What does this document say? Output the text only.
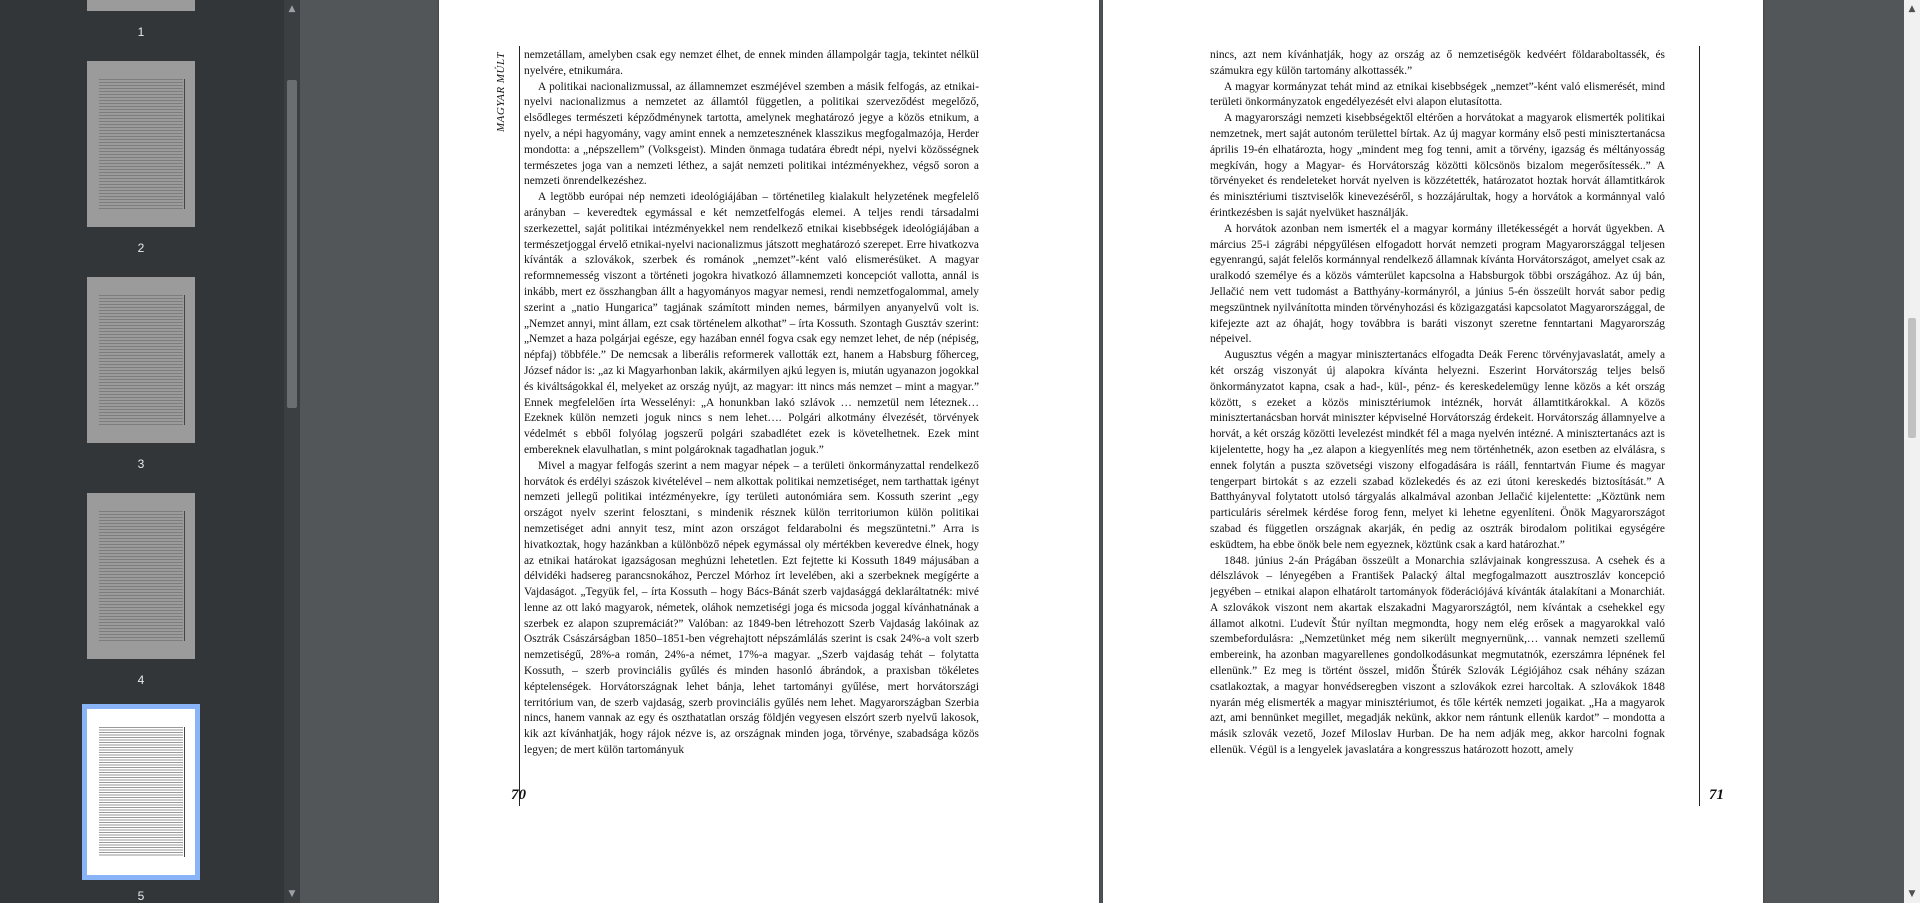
1
2
3
4
5
▲
▼
MAGYAR MÚLT nemzetállam, amelyben csak egy nemzet élhet, de ennek minden állampolgár tagja, tekintet nélkül nyelvére, etnikumára.

A politikai nacionalizmussal, az államnemzet eszméjével szemben a másik felfogás, az etnikai-nyelvi nacionalizmus a nemzetet az államtól független, a politikai szerveződést megelőző, elsődleges természeti képződménynek tartotta, amelynek meghatározó jegye a közös etnikum, a nyelv, a népi hagyomány, vagy amint ennek a nemzetesznének klasszikus megfogalmazója, Herder mondotta: a „népszellem” (Volksgeist). Minden önmaga tudatára ébredt népi, nyelvi közösségnek természetes joga van a nemzeti léthez, a saját nemzeti politikai intézményekhez, végső soron a nemzeti önrendelkezéshez.

A legtöbb európai nép nemzeti ideológiájában – történetileg kialakult helyzetének megfelelő arányban – keveredtek egymással e két nemzetfelfogás elemei. A teljes rendi társadalmi szerkezettel, saját politikai intézményekkel nem rendelkező etnikai kisebbségek ideológiájában a természetjoggal érvelő etnikai-nyelvi nacionalizmus játszott meghatározó szerepet. Erre hivatkozva kívánták a szlovákok, szerbek és románok „nemzet”-ként való elismerésüket. A magyar reformnemesség viszont a történeti jogokra hivatkozó államnemzeti koncepciót vallotta, annál is inkább, mert ez összhangban állt a hagyományos magyar nemesi, rendi nemzetfogalommal, amely szerint a „natio Hungarica” tagjának számított minden nemes, bármilyen anyanyelvű volt is. „Nemzet annyi, mint állam, ezt csak történelem alkothat” – írta Kossuth. Szontagh Gusztáv szerint: „Nemzet a haza polgárjai egésze, egy hazában ennél fogva csak egy nemzet lehet, de nép (népiség, népfaj) többféle.” De nemcsak a liberális reformerek vallották ezt, hanem a Habsburg főherceg, József nádor is: „az ki Magyarhonban lakik, akármilyen ajkú legyen is, miután ugyanazon jogokkal és kiváltságokkal él, melyeket az ország nyújt, az magyar: itt nincs más nemzet – mint a magyar.” Ennek megfelelően írta Wesselényi: „A honunkban lakó szlávok … nemzetül nem léteznek… Ezeknek külön nemzeti joguk nincs s nem lehet…. Polgári alkotmány élvezését, törvények védelmét s ebből folyólag jogszerű polgári szabadlétet ezek is követelhetnek. Ezek mint embereknek elavulhatlan, s mint polgároknak tagadhatlan joguk.”

Mivel a magyar felfogás szerint a nem magyar népek – a területi önkormányzattal rendelkező horvátok és erdélyi szászok kivételével – nem alkottak politikai nemzetiséget, nem tarthattak igényt nemzeti jellegű politikai intézményekre, így területi autonómiára sem. Kossuth szerint „egy országot nyelv szerint felosztani, s mindenik résznek külön territoriumon külön politikai nemzetiséget adni annyit tesz, mint azon országot feldarabolni és megszüntetni.” Arra is hivatkoztak, hogy hazánkban a különböző népek egymással oly mértékben keveredve élnek, hogy az etnikai határokat igazságosan meghúzni lehetetlen. Ezt fejtette ki Kossuth 1849 májusában a délvidéki hadsereg parancsnokához, Perczel Mórhoz írt levelében, aki a szerbeknek megígérte a Vajdaságot. „Tegyük fel, – írta Kossuth – hogy Bács-Bánát szerb vajdasággá deklaráltatnék: mivé lenne az ott lakó magyarok, németek, oláhok nemzetiségi joga és micsoda joggal kívánhatnának a szerbek ez alapon szupremáciát?” Valóban: az 1849-ben létrehozott Szerb Vajdaság lakóinak az Osztrák Császárságban 1850–1851-ben végrehajtott népszámlálás szerint is csak 24%-a volt szerb nemzetiségű, 28%-a román, 24%-a német, 17%-a magyar. „Szerb vajdaság tehát – folytatta Kossuth, – szerb provinciális gyűlés és minden hasonló ábrándok, a praxisban tökéletes képtelenségek. Horvátországnak lehet bánja, lehet tartományi gyűlése, mert horvátországi territórium van, de szerb vajdaság, szerb provinciális gyűlés nem lehet. Magyarországban Szerbia nincs, hanem vannak az egy és oszthatatlan ország földjén vegyesen elszórt szerb nyelvű lakosok, kik azt kívánhatják, hogy rájok nézve is, az országnak minden joga, törvénye, szabadsága közös legyen; de mert külön tartományuk

70

nincs, azt nem kívánhatják, hogy az ország az ő nemzetiségök kedvéért földaraboltassék, és számukra egy külön tartomány alkottassék.”

A magyar kormányzat tehát mind az etnikai kisebbségek „nemzet”-ként való elismerését, mind területi önkormányzatok engedélyezését elvi alapon elutasította.

A magyarországi nemzeti kisebbségektől eltérően a horvátokat a magyarok elismerték politikai nemzetnek, mert saját autonóm területtel bírtak. Az új magyar kormány első pesti minisztertanácsa április 19-én elhatározta, hogy „mindent meg fog tenni, amit a törvény, igazság és méltányosság megkíván, hogy a Magyar- és Horvátország közötti kölcsönös bizalom megerősítessék..” A törvényeket és rendeleteket horvát nyelven is közzétették, határozatot hoztak horvát államtitkárok és minisztériumi tisztviselők kinevezéséről, s hozzájárultak, hogy a horvátok a kormánnyal való érintkezésben is saját nyelvüket használják.

A horvátok azonban nem ismerték el a magyar kormány illetékességét a horvát ügyekben. A március 25-i zágrábi népgyűlésen elfogadott horvát nemzeti program Magyarországgal teljesen egyenrangú, saját felelős kormánnyal rendelkező államnak kívánta Horvátországot, amelyet csak az uralkodó személye és a közös vámterület kapcsolna a Habsburgok többi országához. Az új bán, Jellačić nem vett tudomást a Batthyány-kormányról, a június 5-én összeült horvát sabor pedig megszüntnek nyilvánította minden törvényhozási és közigazgatási kapcsolatot Magyarországgal, de kifejezte azt az óhaját, hogy továbbra is baráti viszonyt szeretne fenntartani Magyarország népeivel.

Augusztus végén a magyar minisztertanács elfogadta Deák Ferenc törvényjavaslatát, amely a két ország viszonyát új alapokra kívánta helyezni. Eszerint Horvátország teljes belső önkormányzatot kapna, csak a had-, kül-, pénz- és kereskedelemügy lenne közös a két ország között, s ezeket a közös minisztériumok intéznék, horvát államtitkárokkal. A közös minisztertanácsban horvát miniszter képviselné Horvátország érdekeit. Horvátország államnyelve a horvát, a két ország közötti levelezést mindkét fél a maga nyelvén intézné. A minisztertanács azt is kijelentette, hogy ha „ez alapon a kiegyenlítés meg nem történhetnék, azon esetben az elválásra, s ennek folytán a puszta szövetségi viszony elfogadására is rááll, fenntartván Fiume és magyar tengerpart birtokát s az ezzeli szabad közlekedés és az ezi útoni kereskedés biztosítását.” A Batthyányval folytatott utolsó tárgyalás alkalmával azonban Jellačić kijelentette: „Köztünk nem particuláris sérelmek kérdése forog fenn, melyet ki lehetne egyenlíteni. Önök Magyarországot szabad és független országnak akarják, én pedig az osztrák birodalom politikai egységére esküdtem, ha ebbe önök bele nem egyeznek, köztünk csak a kard határozhat.”

1848. június 2-án Prágában összeült a Monarchia szlávjainak kongresszusa. A csehek és a délszlávok – lényegében a František Palacký által megfogalmazott ausztroszláv koncepció jegyében – etnikai alapon elhatárolt tartományok föderációjává kívánták átalakítani a Monarchiát. A szlovákok viszont nem akartak elszakadni Magyarországtól, nem kívántak a csehekkel egy államot alkotni. Ľudevít Štúr nyíltan megmondta, hogy nem elég erősek a magyarokkal való szembefordulásra: „Nemzetünket még nem sikerült megnyernünk,… vannak nemzeti szellemű embereink, ha azonban magyarellenes gondolkodásunkat megmutatnók, ezerszámra lépnének fel ellenünk.” Ez meg is történt összel, midőn Štúrék Szlovák Légiójához csak néhány százan csatlakoztak, a magyar honvédseregben viszont a szlovákok ezrei harcoltak. A szlovákok 1848 nyarán még elismerték a magyar minisztériumot, és tőle kérték nemzeti jogaikat. „Ha a magyarok azt, ami bennünket megillet, megadják nekünk, akkor nem rántunk ellenük kardot” – mondotta a másik szlovák vezető, Jozef Miloslav Hurban. De ha nem adják meg, akkor harcolni fognak ellenük. Végül is a lengyelek javaslatára a kongresszus határozott hozott, amely

71
▲
▼
